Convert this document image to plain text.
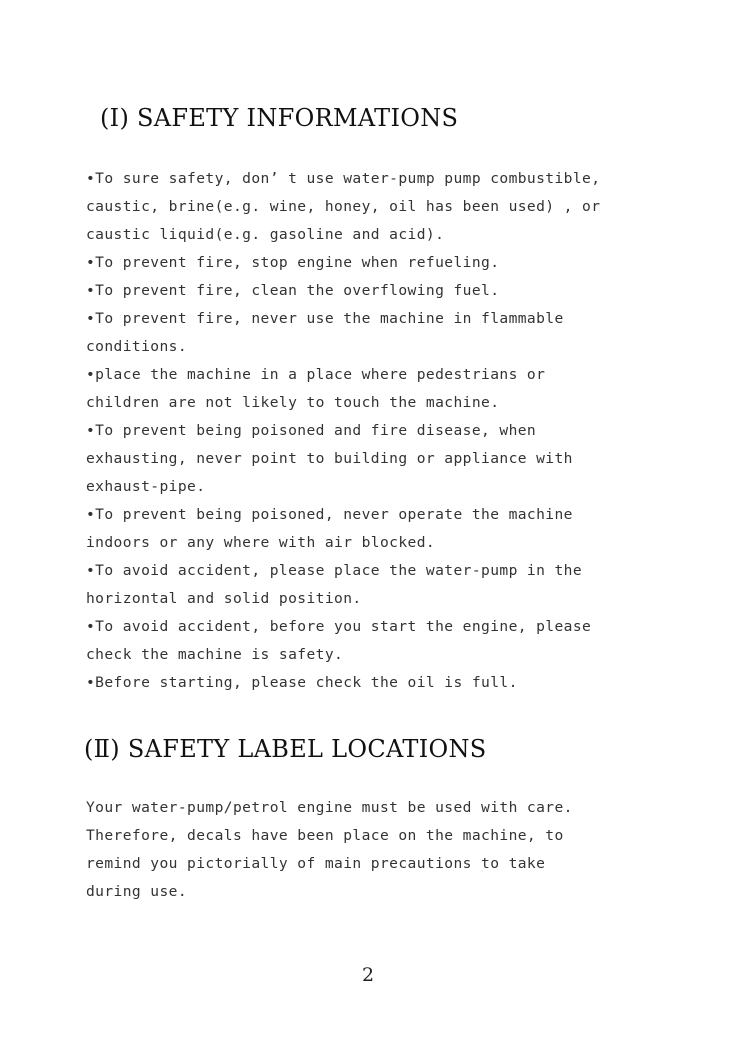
(Ⅰ) SAFETY INFORMATIONS
•To sure safety, don’ t use water-pump pump combustible,
caustic, brine(e.g. wine, honey, oil has been used) , or
caustic liquid(e.g. gasoline and acid).
•To prevent fire, stop engine when refueling.
•To prevent fire, clean the overflowing fuel.
•To prevent fire, never use the machine in flammable
conditions.
•place the machine in a place where pedestrians or
children are not likely to touch the machine.
•To prevent being poisoned and fire disease, when
exhausting, never point to building or appliance with
exhaust-pipe.
•To prevent being poisoned, never operate the machine
indoors or any where with air blocked.
•To avoid accident, please place the water-pump in the
horizontal and solid position.
•To avoid accident, before you start the engine, please
check the machine is safety.
•Before starting, please check the oil is full.
(Ⅱ) SAFETY LABEL LOCATIONS
Your water-pump/petrol engine must be used with care.
Therefore, decals have been place on the machine, to
remind you pictorially of main precautions to take
during use.
2
